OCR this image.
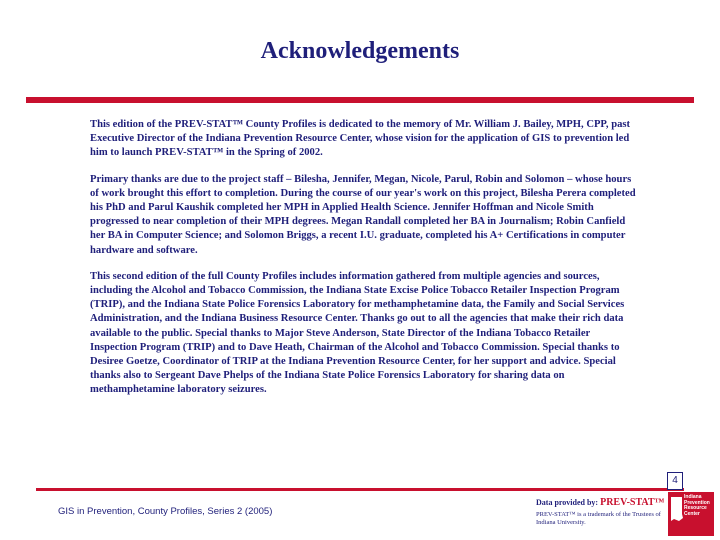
Acknowledgements

This edition of the PREV-STAT™ County Profiles is dedicated to the memory of Mr. William J. Bailey, MPH, CPP, past Executive Director of the Indiana Prevention Resource Center, whose vision for the application of GIS to prevention led him to launch PREV-STAT™ in the Spring of 2002.

Primary thanks are due to the project staff – Bilesha, Jennifer, Megan, Nicole, Parul, Robin and Solomon – whose hours of work brought this effort to completion. During the course of our year's work on this project, Bilesha Perera completed his PhD and Parul Kaushik completed her MPH in Applied Health Science. Jennifer Hoffman and Nicole Smith progressed to near completion of their MPH degrees. Megan Randall completed her BA in Journalism; Robin Canfield her BA in Computer Science; and Solomon Briggs, a recent I.U. graduate, completed his A+ Certifications in computer hardware and software.

This second edition of the full County Profiles includes information gathered from multiple agencies and sources, including the Alcohol and Tobacco Commission, the Indiana State Excise Police Tobacco Retailer Inspection Program (TRIP), and the Indiana State Police Forensics Laboratory for methamphetamine data, the Family and Social Services Administration, and the Indiana Business Resource Center. Thanks go out to all the agencies that make their rich data available to the public. Special thanks to Major Steve Anderson, State Director of the Indiana Tobacco Retailer Inspection Program (TRIP) and to Dave Heath, Chairman of the Alcohol and Tobacco Commission. Special thanks to Desiree Goetze, Coordinator of TRIP at the Indiana Prevention Resource Center, for her support and advice. Special thanks also to Sergeant Dave Phelps of the Indiana State Police Forensics Laboratory for sharing data on methamphetamine laboratory seizures.

GIS in Prevention, County Profiles, Series 2 (2005)
Data provided by: PREV-STAT™
PREV-STAT™ is a trademark of the Trustees of Indiana University.
4
Indiana Prevention Resource Center
